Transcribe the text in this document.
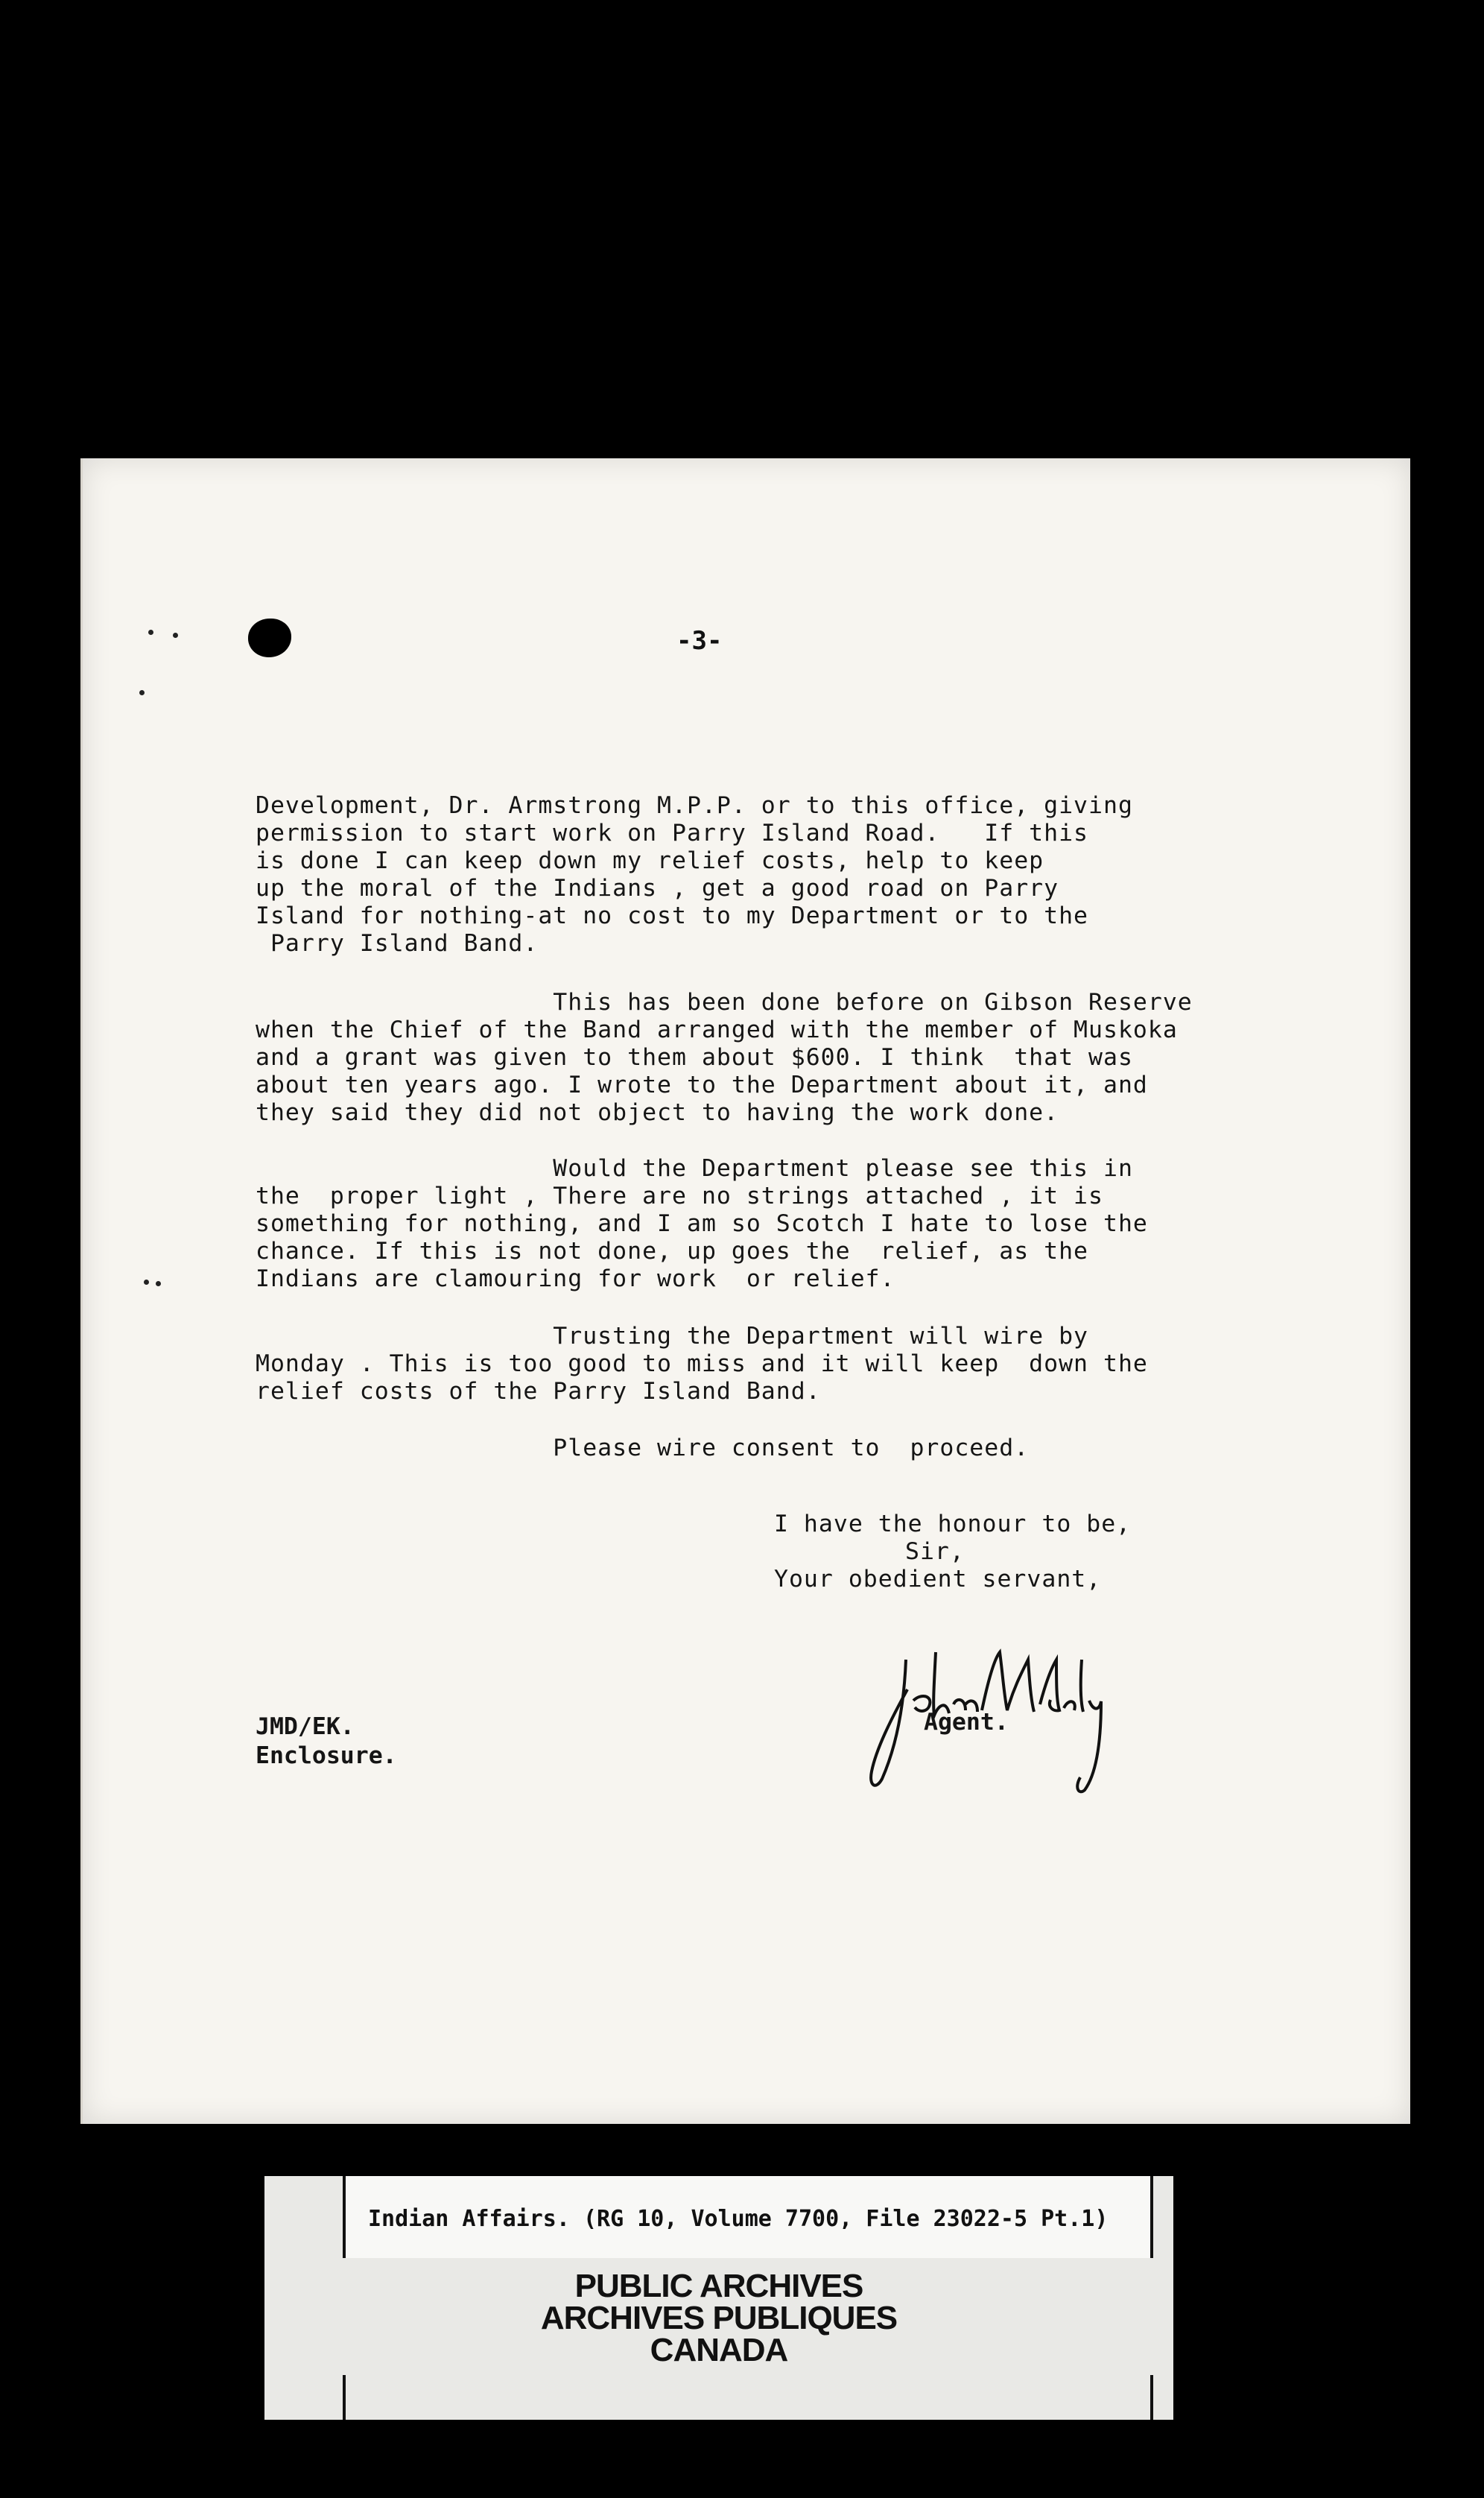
-3-
Development, Dr. Armstrong M.P.P. or to this office, giving
permission to start work on Parry Island Road.   If this
is done I can keep down my relief costs, help to keep
up the moral of the Indians , get a good road on Parry
Island for nothing-at no cost to my Department or to the
Parry Island Band.
This has been done before on Gibson Reserve
when the Chief of the Band arranged with the member of Muskoka
and a grant was given to them about $600. I think  that was
about ten years ago. I wrote to the Department about it, and
they said they did not object to having the work done.
Would the Department please see this in
the  proper light , There are no strings attached , it is
something for nothing, and I am so Scotch I hate to lose the
chance. If this is not done, up goes the  relief, as the
Indians are clamouring for work  or relief.
Trusting the Department will wire by
Monday . This is too good to miss and it will keep  down the
relief costs of the Parry Island Band.
Please wire consent to  proceed.
I have the honour to be,
Sir,
Your obedient servant,
Agent.
JMD/EK.
Enclosure.
Indian Affairs. (RG 10, Volume 7700, File 23022-5 Pt.1)
PUBLIC ARCHIVES
ARCHIVES PUBLIQUES
CANADA
